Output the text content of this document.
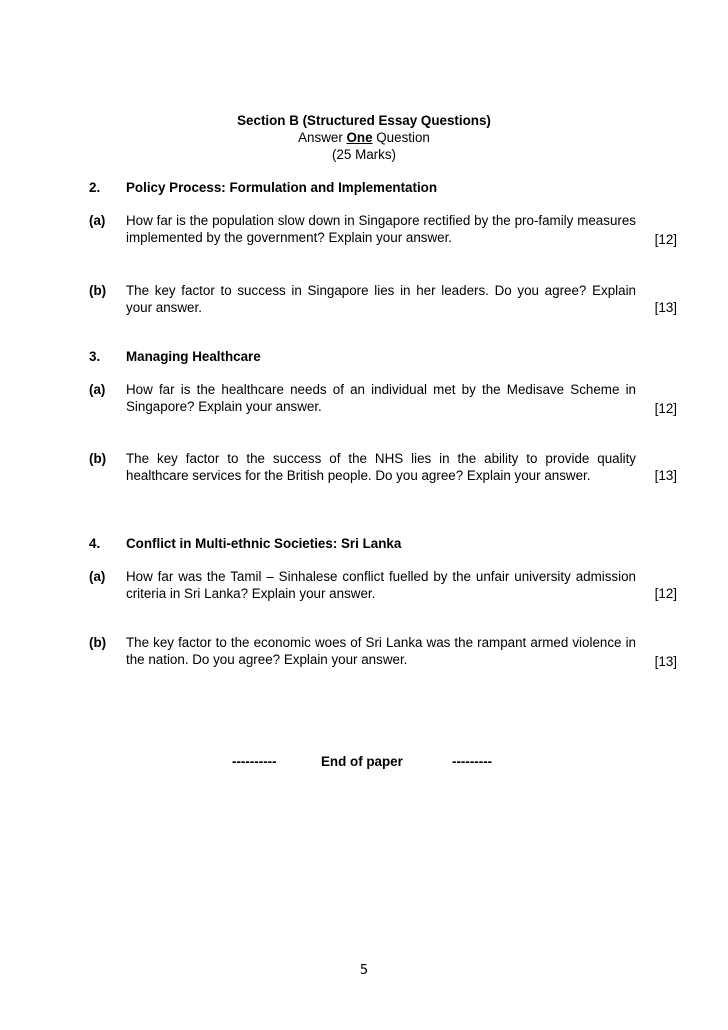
Section B (Structured Essay Questions)
Answer One Question
(25 Marks)
2. Policy Process: Formulation and Implementation
(a) How far is the population slow down in Singapore rectified by the pro-family measures implemented by the government? Explain your answer.	[12]
(b) The key factor to success in Singapore lies in her leaders. Do you agree? Explain your answer.	[13]
3. Managing Healthcare
(a) How far is the healthcare needs of an individual met by the Medisave Scheme in Singapore? Explain your answer.	[12]
(b) The key factor to the success of the NHS lies in the ability to provide quality healthcare services for the British people. Do you agree? Explain your answer.	[13]
4. Conflict in Multi-ethnic Societies: Sri Lanka
(a) How far was the Tamil – Sinhalese conflict fuelled by the unfair university admission criteria in Sri Lanka? Explain your answer.	[12]
(b) The key factor to the economic woes of Sri Lanka was the rampant armed violence in the nation. Do you agree? Explain your answer.	[13]
----------	End of paper	---------
5
